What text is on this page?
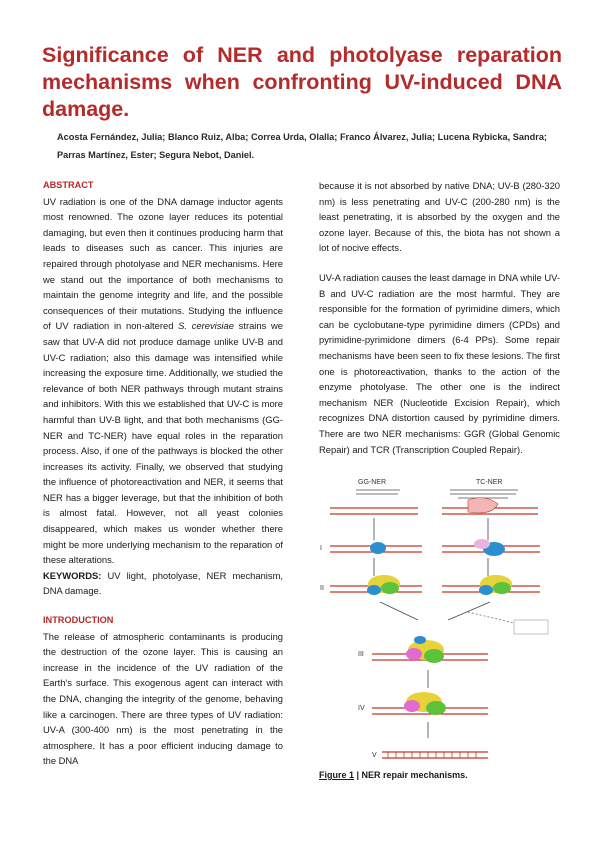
Significance of NER and photolyase reparation mechanisms when confronting UV-induced DNA damage.

Acosta Fernández, Julia; Blanco Ruiz, Alba; Correa Urda, Olalla; Franco Álvarez, Julia; Lucena Rybicka, Sandra; Parras Martínez, Ester; Segura Nebot, Daniel.

ABSTRACT

UV radiation is one of the DNA damage inductor agents most renowned. The ozone layer reduces its potential damaging, but even then it continues producing harm that leads to diseases such as cancer. This injuries are repaired through photolyase and NER mechanisms. Here we stand out the importance of both mechanisms to maintain the genome integrity and life, and the possible consequences of their mutations. Studying the influence of UV radiation in non-altered S. cerevisiae strains we saw that UV-A did not produce damage unlike UV-B and UV-C radiation; also this damage was intensified while increasing the exposure time. Additionally, we studied the relevance of both NER pathways through mutant strains and inhibitors. With this we established that UV-C is more harmful than UV-B light, and that both mechanisms (GG-NER and TC-NER) have equal roles in the reparation process. Also, if one of the pathways is blocked the other increases its activity. Finally, we observed that studying the influence of photoreactivation and NER, it seems that NER has a bigger leverage, but that the inhibition of both is almost fatal. However, not all yeast colonies disappeared, which makes us wonder whether there might be more underlying mechanism to the reparation of these alterations.

KEYWORDS: UV light, photolyase, NER mechanism, DNA damage.

INTRODUCTION

The release of atmospheric contaminants is producing the destruction of the ozone layer. This is causing an increase in the incidence of the UV radiation of the Earth's surface. This exogenous agent can interact with the DNA, changing the integrity of the genome, behaving like a carcinogen. There are three types of UV radiation: UV-A (300-400 nm) is the most penetrating in the atmosphere. It has a poor efficient inducing damage to the DNA

because it is not absorbed by native DNA; UV-B (280-320 nm) is less penetrating and UV-C (200-280 nm) is the least penetrating, it is absorbed by the oxygen and the ozone layer. Because of this, the biota has not shown a lot of nocive effects.

UV-A radiation causes the least damage in DNA while UV-B and UV-C radiation are the most harmful. They are responsible for the formation of pyrimidine dimers, which can be cyclobutane-type pyrimidine dimers (CPDs) and pyrimidine-pyrimidone dimers (6-4 PPs). Some repair mechanisms have been seen to fix these lesions. The first one is photoreactivation, thanks to the action of the enzyme photolyase. The other one is the indirect mechanism NER (Nucleotide Excision Repair), which recognizes DNA distortion caused by pyrimidine dimers. There are two NER mechanisms: GGR (Global Genomic Repair) and TCR (Transcription Coupled Repair).

GG-NER	TC-NER
I
II
III
IV
V
Figure 1 | NER repair mechanisms.
